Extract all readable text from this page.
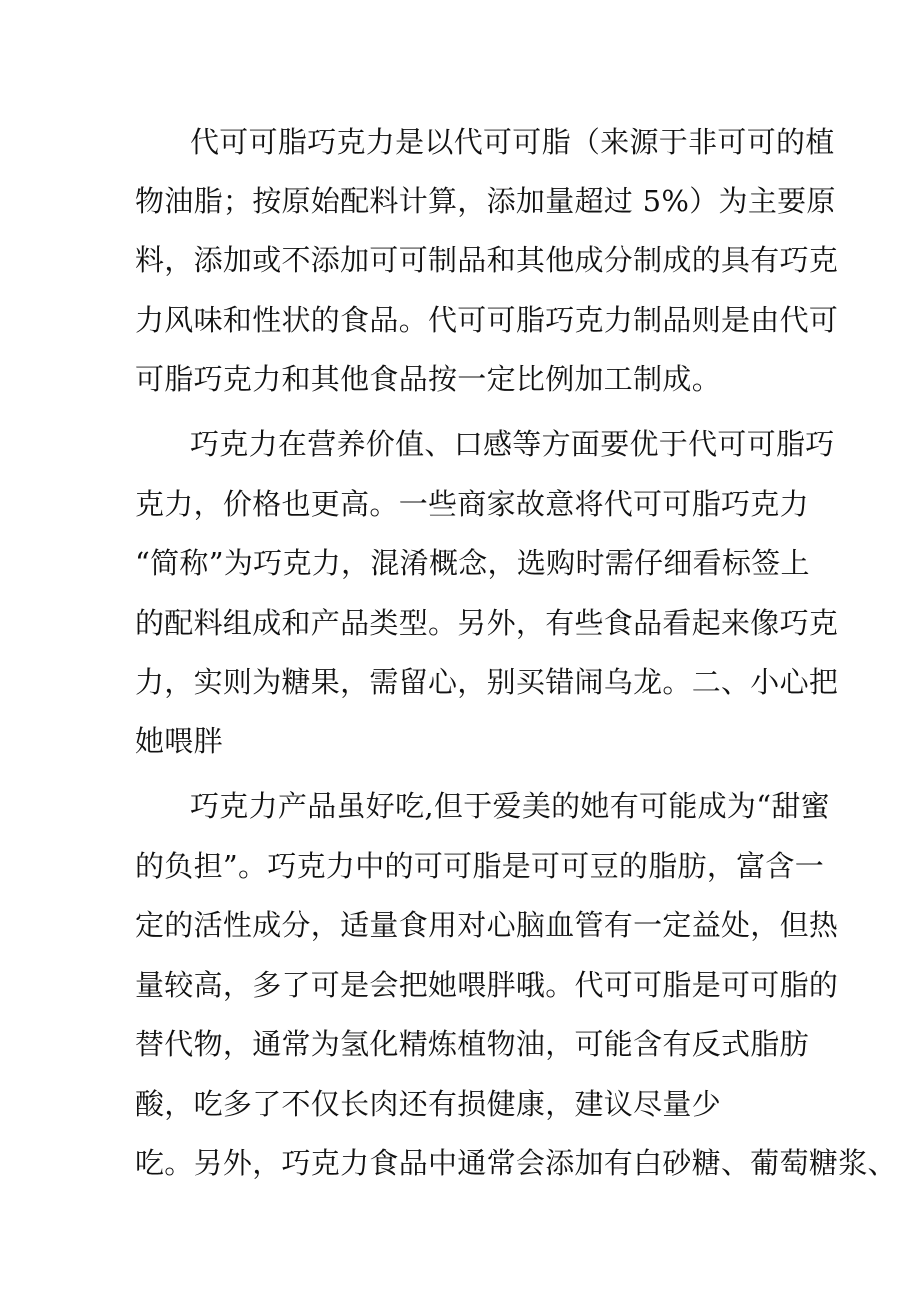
代可可脂巧克力是以代可可脂（来源于非可可的植
物油脂；按原始配料计算，添加量超过 5%）为主要原
料，添加或不添加可可制品和其他成分制成的具有巧克
力风味和性状的食品。代可可脂巧克力制品则是由代可
可脂巧克力和其他食品按一定比例加工制成。
巧克力在营养价值、口感等方面要优于代可可脂巧
克力，价格也更高。一些商家故意将代可可脂巧克力
“简称”为巧克力，混淆概念，选购时需仔细看标签上
的配料组成和产品类型。另外，有些食品看起来像巧克
力，实则为糖果，需留心，别买错闹乌龙。二、小心把
她喂胖
巧克力产品虽好吃,但于爱美的她有可能成为“甜蜜
的负担”。巧克力中的可可脂是可可豆的脂肪，富含一
定的活性成分，适量食用对心脑血管有一定益处，但热
量较高，多了可是会把她喂胖哦。代可可脂是可可脂的
替代物，通常为氢化精炼植物油，可能含有反式脂肪
酸，吃多了不仅长肉还有损健康，建议尽量少
吃。另外，巧克力食品中通常会添加有白砂糖、葡萄糖浆、
